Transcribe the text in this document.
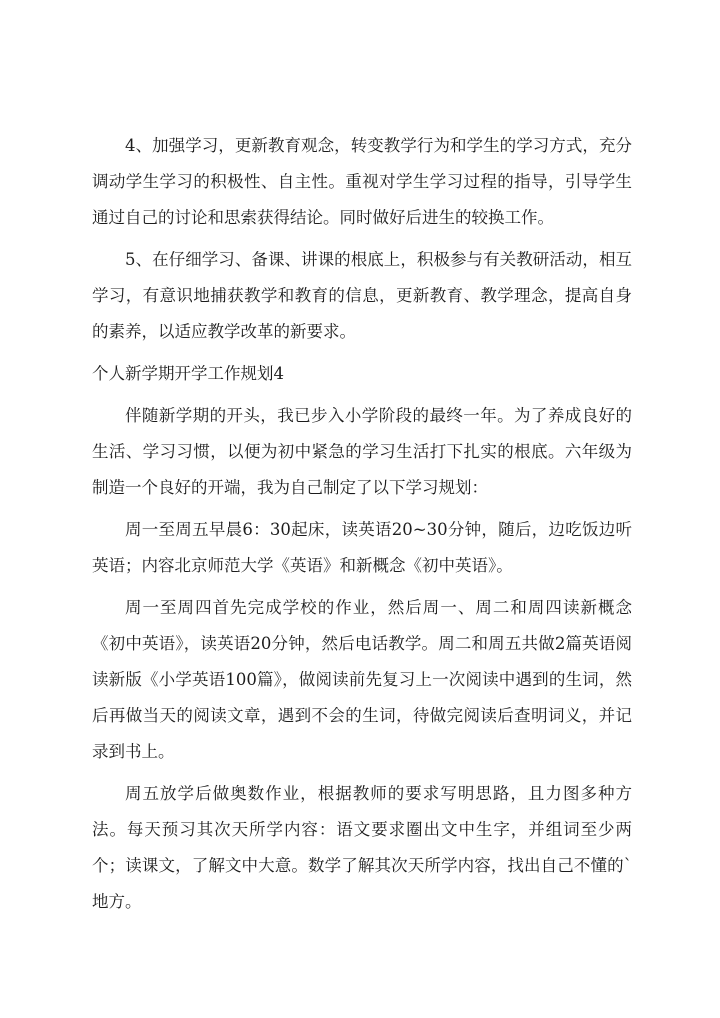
4、加强学习，更新教育观念，转变教学行为和学生的学习方式，充分调动学生学习的积极性、自主性。重视对学生学习过程的指导，引导学生通过自己的讨论和思索获得结论。同时做好后进生的较换工作。

5、在仔细学习、备课、讲课的根底上，积极参与有关教研活动，相互学习，有意识地捕获教学和教育的信息，更新教育、教学理念，提高自身的素养，以适应教学改革的新要求。

个人新学期开学工作规划4

伴随新学期的开头，我已步入小学阶段的最终一年。为了养成良好的生活、学习习惯，以便为初中紧急的学习生活打下扎实的根底。六年级为制造一个良好的开端，我为自己制定了以下学习规划：

周一至周五早晨6：30起床，读英语20~30分钟，随后，边吃饭边听英语；内容北京师范大学《英语》和新概念《初中英语》。

周一至周四首先完成学校的作业，然后周一、周二和周四读新概念《初中英语》，读英语20分钟，然后电话教学。周二和周五共做2篇英语阅读新版《小学英语100篇》，做阅读前先复习上一次阅读中遇到的生词，然后再做当天的阅读文章，遇到不会的生词，待做完阅读后查明词义，并记录到书上。

周五放学后做奥数作业，根据教师的要求写明思路，且力图多种方法。每天预习其次天所学内容：语文要求圈出文中生字，并组词至少两个；读课文，了解文中大意。数学了解其次天所学内容，找出自己不懂的`地方。
